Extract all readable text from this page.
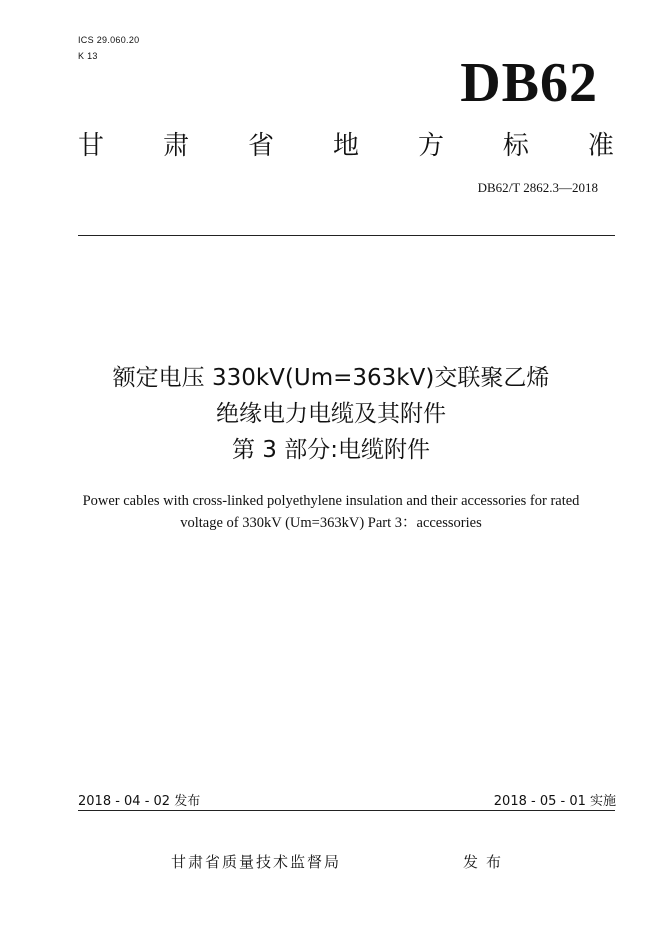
ICS 29.060.20
K 13	DB62
甘 肃 省 地 方 标 准
DB62/T 2862.3—2018
额定电压 330kV(Um=363kV)交联聚乙烯
绝缘电力电缆及其附件
第 3 部分:电缆附件
Power cables with cross-linked polyethylene insulation and their accessories for rated
voltage of 330kV (Um=363kV) Part 3：accessories
2018 - 04 - 02 发布	2018 - 05 - 01 实施
甘肃省质量技术监督局	发布
